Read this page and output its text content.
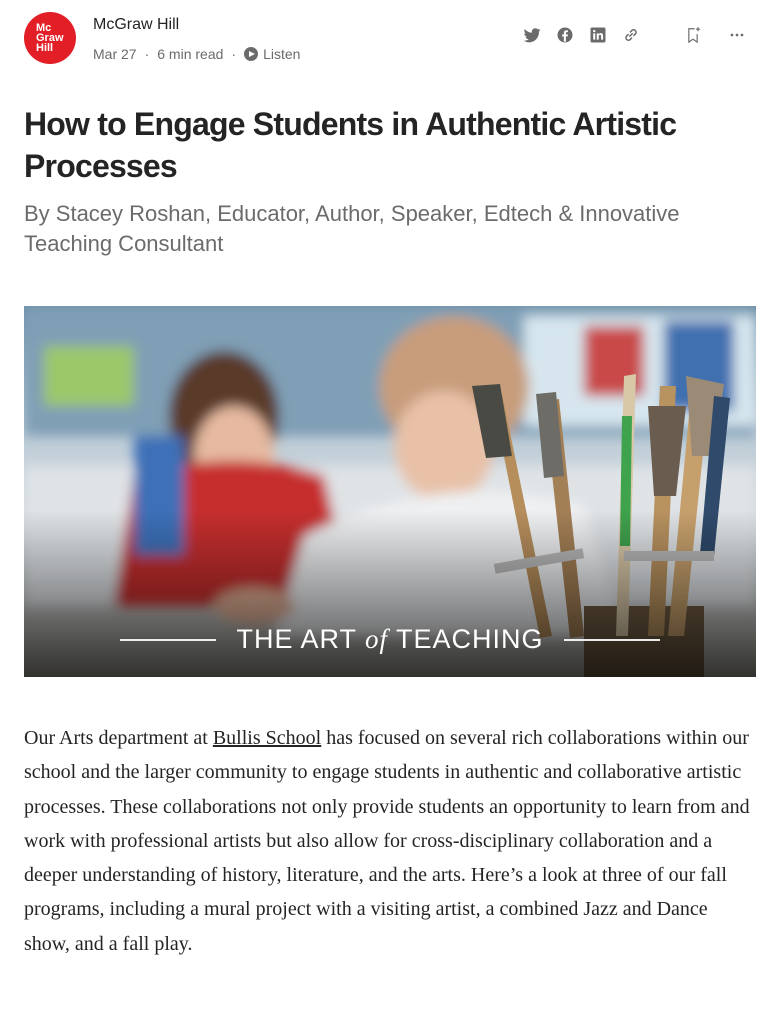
Mc
Graw
Hill
McGraw Hill
Mar 27 · 6 min read · Listen
How to Engage Students in Authentic Artistic Processes

By Stacey Roshan, Educator, Author, Speaker, Edtech & Innovative Teaching Consultant

THE ART of TEACHING

Our Arts department at Bullis School has focused on several rich collaborations within our school and the larger community to engage students in authentic and collaborative artistic processes. These collaborations not only provide students an opportunity to learn from and work with professional artists but also allow for cross-disciplinary collaboration and a deeper understanding of history, literature, and the arts. Here’s a look at three of our fall programs, including a mural project with a visiting artist, a combined Jazz and Dance show, and a fall play.
